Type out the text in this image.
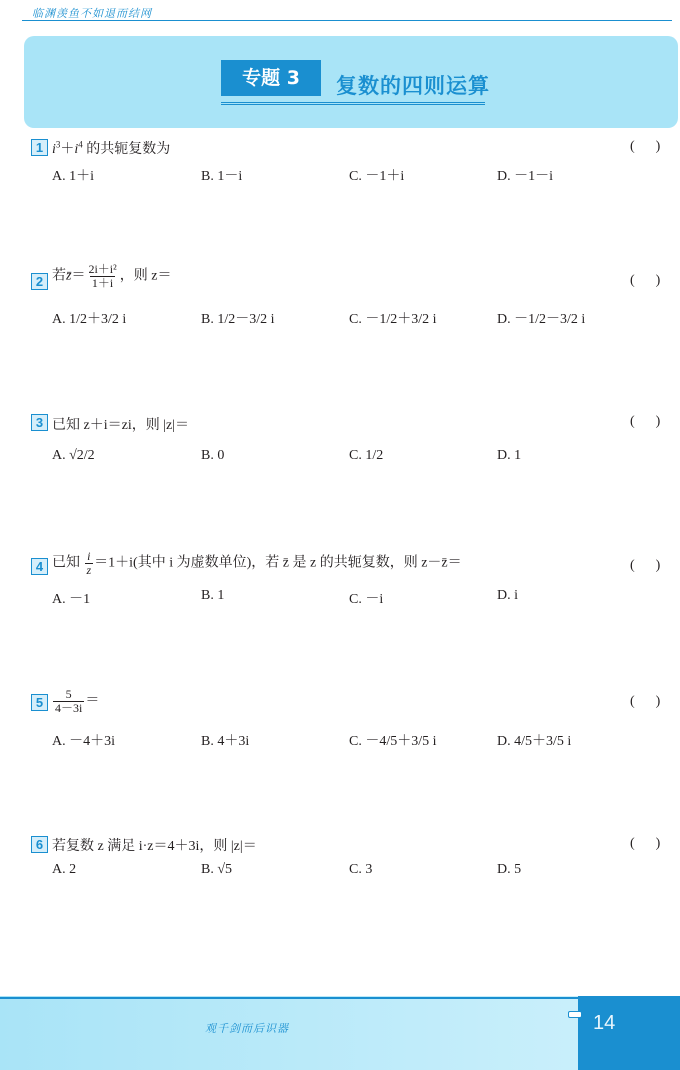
临渊羡鱼不如退而结网
专题 3	复数的四则运算
1 $i^3+i^4$ 的共轭复数为	(      )
A. 1＋i	B. 1－i	C. －1＋i	D. －1－i
2 若z̄＝ $\frac{\text{2i＋i²}}{1+i}$ ，则 z＝	(      )
A. 1/2＋3/2 i	B. 1/2－3/2 i	C. －1/2＋3/2 i	D. －1/2－3/2 i
3 已知 z＋i＝zi，则 |z|＝	(      )
A. √2/2	B. 0	C. 1/2	D. 1
4 已知 $\frac{i}{z} =1+i$(其中 i 为虚数单位)，若 z̄ 是 z 的共轭复数，则 z－z̄＝	(      )
A. －1	B. 1	C. －i	D. i
$5 \frac{5}{4-3i}$ ＝	(      )
A. －4＋3i	B. 4＋3i	C. －4/5＋3/5 i	D. 4/5＋3/5 i
6 若复数 z 满足 i·z＝4＋3i，则 |z|＝	(      )
A. 2	B. √5	C. 3	D. 5
观千剑而后识器	14
